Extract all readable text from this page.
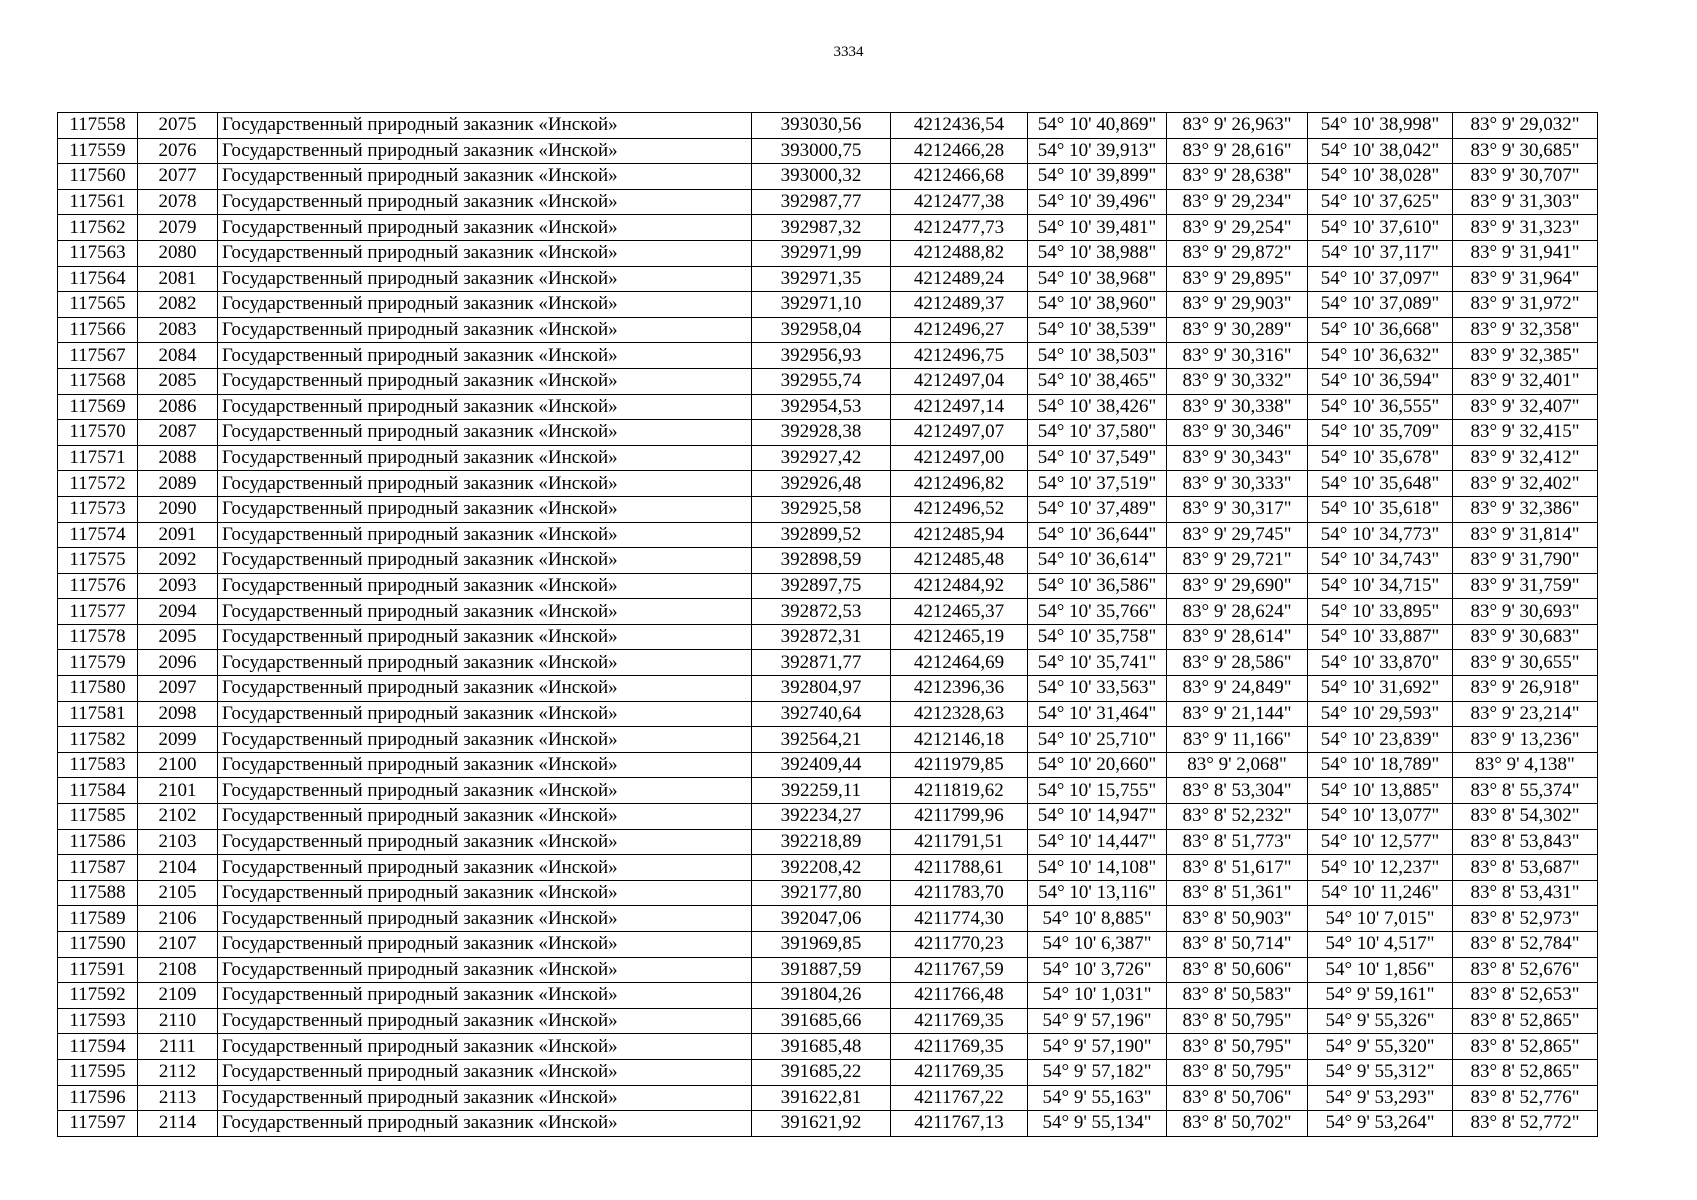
3334
117558	2075	Государственный природный заказник «Инской»	393030,56	4212436,54	54° 10' 40,869"	83° 9' 26,963"	54° 10' 38,998"	83° 9' 29,032"
117559	2076	Государственный природный заказник «Инской»	393000,75	4212466,28	54° 10' 39,913"	83° 9' 28,616"	54° 10' 38,042"	83° 9' 30,685"
117560	2077	Государственный природный заказник «Инской»	393000,32	4212466,68	54° 10' 39,899"	83° 9' 28,638"	54° 10' 38,028"	83° 9' 30,707"
117561	2078	Государственный природный заказник «Инской»	392987,77	4212477,38	54° 10' 39,496"	83° 9' 29,234"	54° 10' 37,625"	83° 9' 31,303"
117562	2079	Государственный природный заказник «Инской»	392987,32	4212477,73	54° 10' 39,481"	83° 9' 29,254"	54° 10' 37,610"	83° 9' 31,323"
117563	2080	Государственный природный заказник «Инской»	392971,99	4212488,82	54° 10' 38,988"	83° 9' 29,872"	54° 10' 37,117"	83° 9' 31,941"
117564	2081	Государственный природный заказник «Инской»	392971,35	4212489,24	54° 10' 38,968"	83° 9' 29,895"	54° 10' 37,097"	83° 9' 31,964"
117565	2082	Государственный природный заказник «Инской»	392971,10	4212489,37	54° 10' 38,960"	83° 9' 29,903"	54° 10' 37,089"	83° 9' 31,972"
117566	2083	Государственный природный заказник «Инской»	392958,04	4212496,27	54° 10' 38,539"	83° 9' 30,289"	54° 10' 36,668"	83° 9' 32,358"
117567	2084	Государственный природный заказник «Инской»	392956,93	4212496,75	54° 10' 38,503"	83° 9' 30,316"	54° 10' 36,632"	83° 9' 32,385"
117568	2085	Государственный природный заказник «Инской»	392955,74	4212497,04	54° 10' 38,465"	83° 9' 30,332"	54° 10' 36,594"	83° 9' 32,401"
117569	2086	Государственный природный заказник «Инской»	392954,53	4212497,14	54° 10' 38,426"	83° 9' 30,338"	54° 10' 36,555"	83° 9' 32,407"
117570	2087	Государственный природный заказник «Инской»	392928,38	4212497,07	54° 10' 37,580"	83° 9' 30,346"	54° 10' 35,709"	83° 9' 32,415"
117571	2088	Государственный природный заказник «Инской»	392927,42	4212497,00	54° 10' 37,549"	83° 9' 30,343"	54° 10' 35,678"	83° 9' 32,412"
117572	2089	Государственный природный заказник «Инской»	392926,48	4212496,82	54° 10' 37,519"	83° 9' 30,333"	54° 10' 35,648"	83° 9' 32,402"
117573	2090	Государственный природный заказник «Инской»	392925,58	4212496,52	54° 10' 37,489"	83° 9' 30,317"	54° 10' 35,618"	83° 9' 32,386"
117574	2091	Государственный природный заказник «Инской»	392899,52	4212485,94	54° 10' 36,644"	83° 9' 29,745"	54° 10' 34,773"	83° 9' 31,814"
117575	2092	Государственный природный заказник «Инской»	392898,59	4212485,48	54° 10' 36,614"	83° 9' 29,721"	54° 10' 34,743"	83° 9' 31,790"
117576	2093	Государственный природный заказник «Инской»	392897,75	4212484,92	54° 10' 36,586"	83° 9' 29,690"	54° 10' 34,715"	83° 9' 31,759"
117577	2094	Государственный природный заказник «Инской»	392872,53	4212465,37	54° 10' 35,766"	83° 9' 28,624"	54° 10' 33,895"	83° 9' 30,693"
117578	2095	Государственный природный заказник «Инской»	392872,31	4212465,19	54° 10' 35,758"	83° 9' 28,614"	54° 10' 33,887"	83° 9' 30,683"
117579	2096	Государственный природный заказник «Инской»	392871,77	4212464,69	54° 10' 35,741"	83° 9' 28,586"	54° 10' 33,870"	83° 9' 30,655"
117580	2097	Государственный природный заказник «Инской»	392804,97	4212396,36	54° 10' 33,563"	83° 9' 24,849"	54° 10' 31,692"	83° 9' 26,918"
117581	2098	Государственный природный заказник «Инской»	392740,64	4212328,63	54° 10' 31,464"	83° 9' 21,144"	54° 10' 29,593"	83° 9' 23,214"
117582	2099	Государственный природный заказник «Инской»	392564,21	4212146,18	54° 10' 25,710"	83° 9' 11,166"	54° 10' 23,839"	83° 9' 13,236"
117583	2100	Государственный природный заказник «Инской»	392409,44	4211979,85	54° 10' 20,660"	83° 9' 2,068"	54° 10' 18,789"	83° 9' 4,138"
117584	2101	Государственный природный заказник «Инской»	392259,11	4211819,62	54° 10' 15,755"	83° 8' 53,304"	54° 10' 13,885"	83° 8' 55,374"
117585	2102	Государственный природный заказник «Инской»	392234,27	4211799,96	54° 10' 14,947"	83° 8' 52,232"	54° 10' 13,077"	83° 8' 54,302"
117586	2103	Государственный природный заказник «Инской»	392218,89	4211791,51	54° 10' 14,447"	83° 8' 51,773"	54° 10' 12,577"	83° 8' 53,843"
117587	2104	Государственный природный заказник «Инской»	392208,42	4211788,61	54° 10' 14,108"	83° 8' 51,617"	54° 10' 12,237"	83° 8' 53,687"
117588	2105	Государственный природный заказник «Инской»	392177,80	4211783,70	54° 10' 13,116"	83° 8' 51,361"	54° 10' 11,246"	83° 8' 53,431"
117589	2106	Государственный природный заказник «Инской»	392047,06	4211774,30	54° 10' 8,885"	83° 8' 50,903"	54° 10' 7,015"	83° 8' 52,973"
117590	2107	Государственный природный заказник «Инской»	391969,85	4211770,23	54° 10' 6,387"	83° 8' 50,714"	54° 10' 4,517"	83° 8' 52,784"
117591	2108	Государственный природный заказник «Инской»	391887,59	4211767,59	54° 10' 3,726"	83° 8' 50,606"	54° 10' 1,856"	83° 8' 52,676"
117592	2109	Государственный природный заказник «Инской»	391804,26	4211766,48	54° 10' 1,031"	83° 8' 50,583"	54° 9' 59,161"	83° 8' 52,653"
117593	2110	Государственный природный заказник «Инской»	391685,66	4211769,35	54° 9' 57,196"	83° 8' 50,795"	54° 9' 55,326"	83° 8' 52,865"
117594	2111	Государственный природный заказник «Инской»	391685,48	4211769,35	54° 9' 57,190"	83° 8' 50,795"	54° 9' 55,320"	83° 8' 52,865"
117595	2112	Государственный природный заказник «Инской»	391685,22	4211769,35	54° 9' 57,182"	83° 8' 50,795"	54° 9' 55,312"	83° 8' 52,865"
117596	2113	Государственный природный заказник «Инской»	391622,81	4211767,22	54° 9' 55,163"	83° 8' 50,706"	54° 9' 53,293"	83° 8' 52,776"
117597	2114	Государственный природный заказник «Инской»	391621,92	4211767,13	54° 9' 55,134"	83° 8' 50,702"	54° 9' 53,264"	83° 8' 52,772"
